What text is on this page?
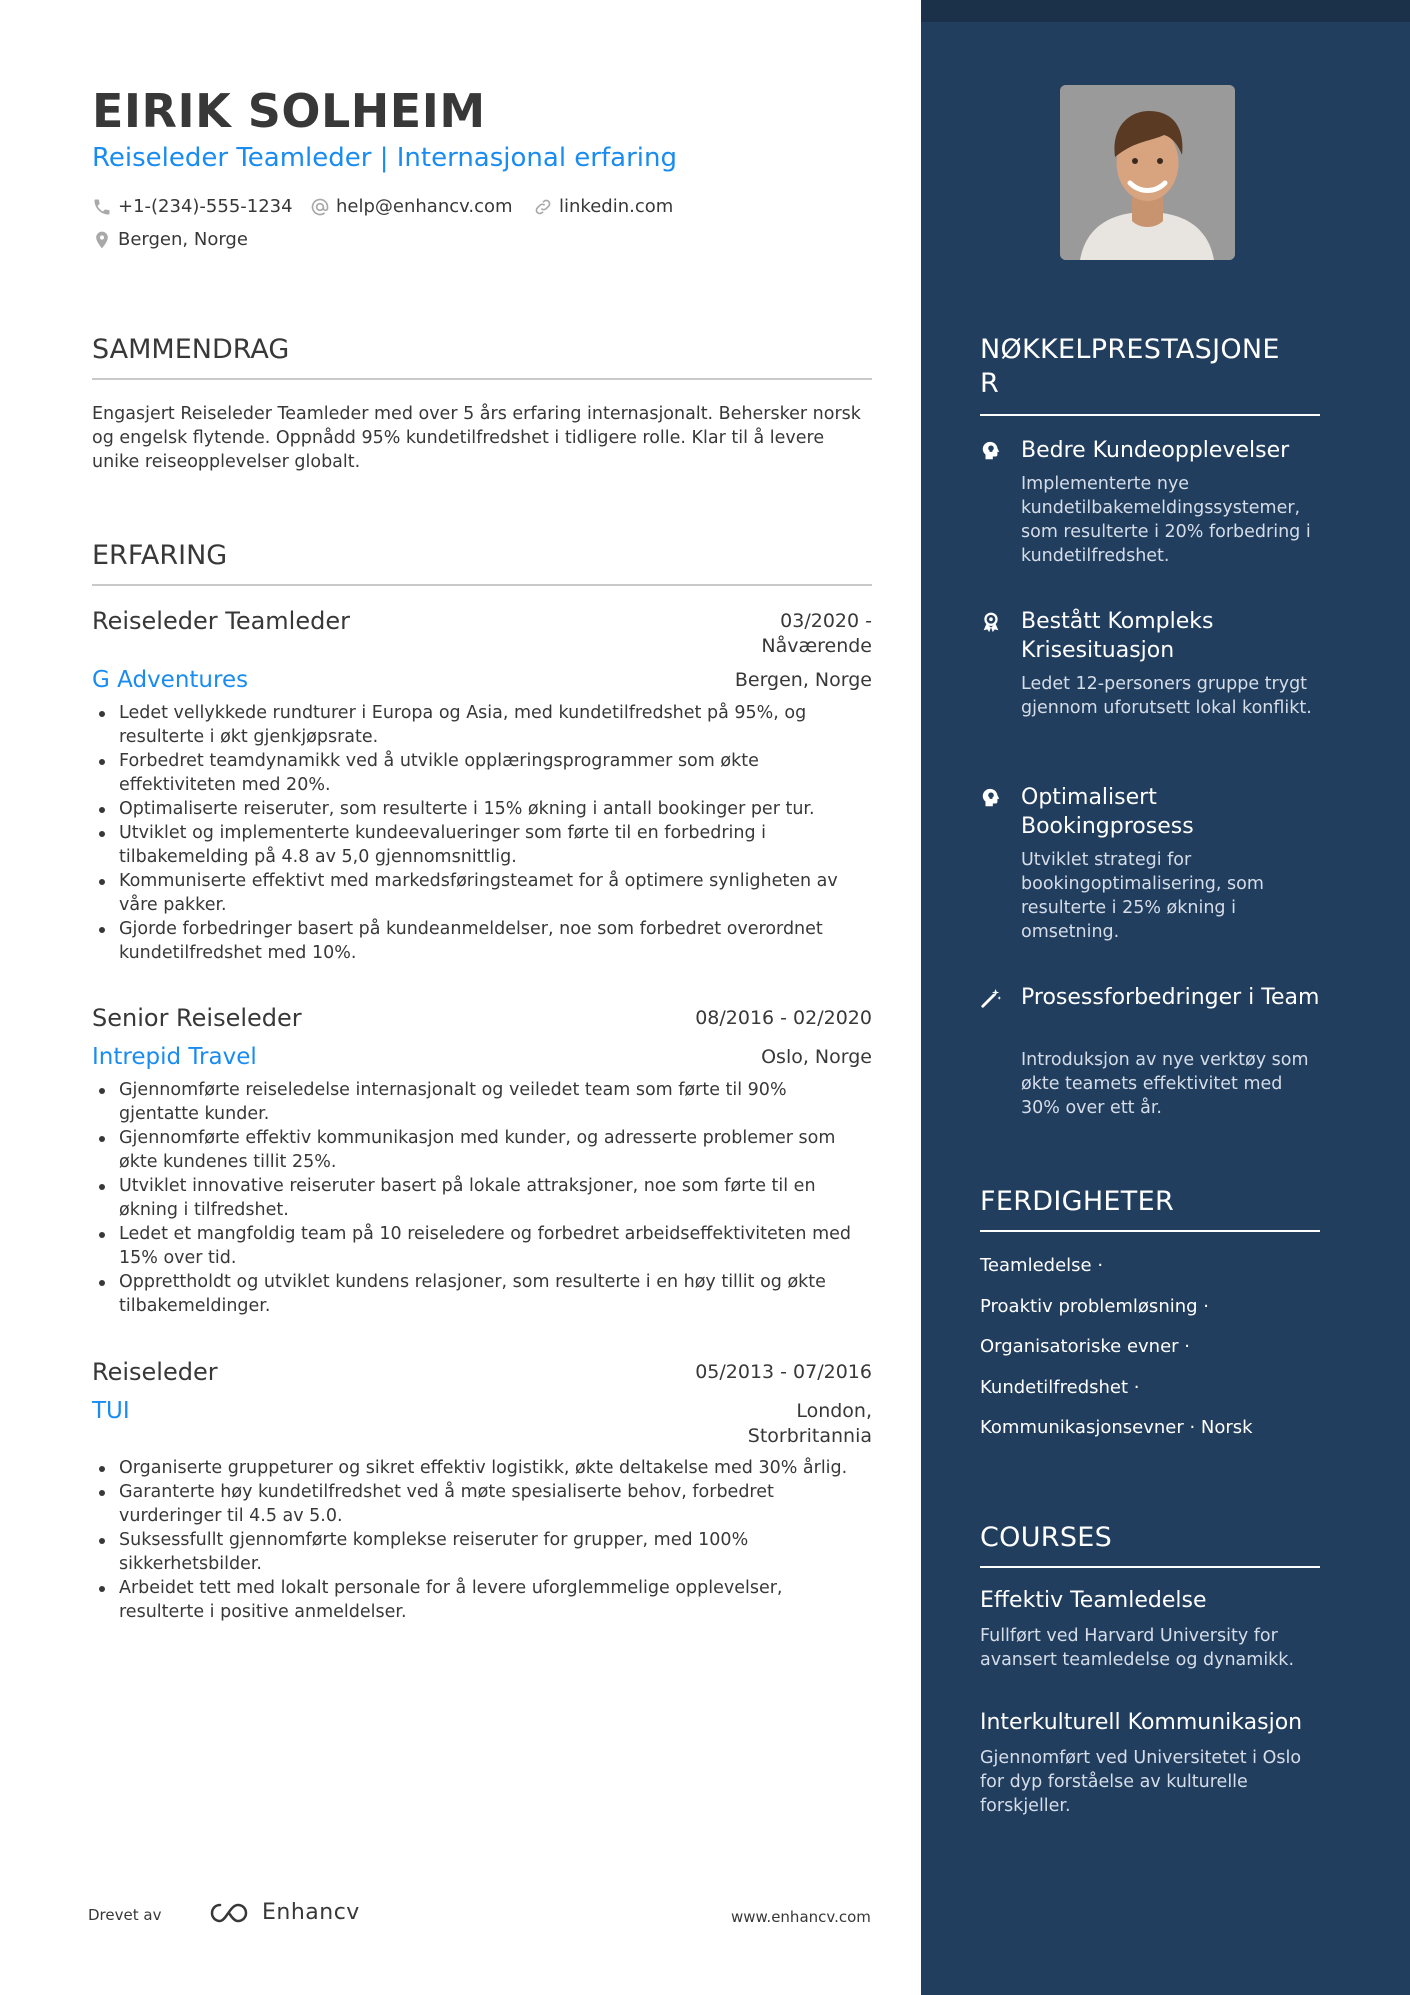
EIRIK SOLHEIM
Reiseleder Teamleder | Internasjonal erfaring
+1-(234)-555-1234 help@enhancv.com	linkedin.com
Bergen, Norge
SAMMENDRAG
Engasjert Reiseleder Teamleder med over 5 års erfaring internasjonalt. Behersker norsk og engelsk flytende. Oppnådd 95% kundetilfredshet i tidligere rolle. Klar til å levere unike reiseopplevelser globalt.
ERFARING
Reiseleder Teamleder	03/2020 -
Nåværende
G Adventures	Bergen, Norge
Ledet vellykkede rundturer i Europa og Asia, med kundetilfredshet på 95%, og resulterte i økt gjenkjøpsrate.
Forbedret teamdynamikk ved å utvikle opplæringsprogrammer som økte effektiviteten med 20%.
Optimaliserte reiseruter, som resulterte i 15% økning i antall bookinger per tur.
Utviklet og implementerte kundeevalueringer som førte til en forbedring i tilbakemelding på 4.8 av 5,0 gjennomsnittlig.
Kommuniserte effektivt med markedsføringsteamet for å optimere synligheten av våre pakker.
Gjorde forbedringer basert på kundeanmeldelser, noe som forbedret overordnet kundetilfredshet med 10%.
Senior Reiseleder	08/2016 - 02/2020
Intrepid Travel	Oslo, Norge
Gjennomførte reiseledelse internasjonalt og veiledet team som førte til 90% gjentatte kunder.
Gjennomførte effektiv kommunikasjon med kunder, og adresserte problemer som økte kundenes tillit 25%.
Utviklet innovative reiseruter basert på lokale attraksjoner, noe som førte til en økning i tilfredshet.
Ledet et mangfoldig team på 10 reiseledere og forbedret arbeidseffektiviteten med 15% over tid.
Opprettholdt og utviklet kundens relasjoner, som resulterte i en høy tillit og økte tilbakemeldinger.
Reiseleder	05/2013 - 07/2016
TUI	London,
Storbritannia
Organiserte gruppeturer og sikret effektiv logistikk, økte deltakelse med 30% årlig.
Garanterte høy kundetilfredshet ved å møte spesialiserte behov, forbedret vurderinger til 4.5 av 5.0.
Suksessfullt gjennomførte komplekse reiseruter for grupper, med 100% sikkerhetsbilder.
Arbeidet tett med lokalt personale for å levere uforglemmelige opplevelser, resulterte i positive anmeldelser.
Drevet av	Enhancv	www.enhancv.com
NØKKELPRESTASJONE
R
Bedre Kundeopplevelser
Implementerte nye kundetilbakemeldingssystemer, som resulterte i 20% forbedring i kundetilfredshet.
Bestått Kompleks Krisesituasjon
Ledet 12-personers gruppe trygt gjennom uforutsett lokal konflikt.
Optimalisert Bookingprosess
Utviklet strategi for bookingoptimalisering, som resulterte i 25% økning i omsetning.
Prosessforbedringer i Team
Introduksjon av nye verktøy som økte teamets effektivitet med 30% over ett år.
FERDIGHETER
Teamledelse ·
Proaktiv problemløsning ·
Organisatoriske evner ·
Kundetilfredshet ·
Kommunikasjonsevner · Norsk
COURSES
Effektiv Teamledelse
Fullført ved Harvard University for avansert teamledelse og dynamikk.
Interkulturell Kommunikasjon
Gjennomført ved Universitetet i Oslo for dyp forståelse av kulturelle forskjeller.
